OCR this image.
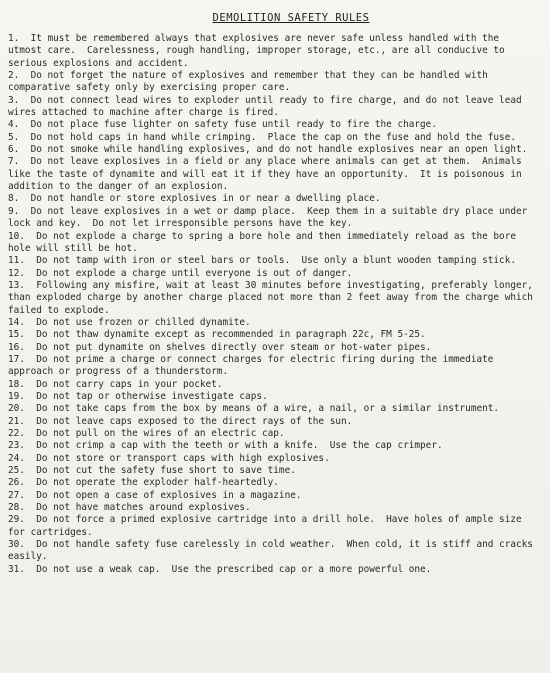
DEMOLITION SAFETY RULES

1.  It must be remembered always that explosives are never safe unless handled with the utmost care.  Carelessness, rough handling, improper storage, etc., are all conducive to serious explosions and accident.

2.  Do not forget the nature of explosives and remember that they can be handled with comparative safety only by exercising proper care.

3.  Do not connect lead wires to exploder until ready to fire charge, and do not leave lead wires attached to machine after charge is fired.

4.  Do not place fuse lighter on safety fuse until ready to fire the charge.

5.  Do not hold caps in hand while crimping.  Place the cap on the fuse and hold the fuse.

6.  Do not smoke while handling explosives, and do not handle explosives near an open light.

7.  Do not leave explosives in a field or any place where animals can get at them.  Animals like the taste of dynamite and will eat it if they have an opportunity.  It is poisonous in addition to the danger of an explosion.

8.  Do not handle or store explosives in or near a dwelling place.

9.  Do not leave explosives in a wet or damp place.  Keep them in a suitable dry place under lock and key.  Do not let irresponsible persons have the key.

10.  Do not explode a charge to spring a bore hole and then immediately reload as the bore hole will still be hot.

11.  Do not tamp with iron or steel bars or tools.  Use only a blunt wooden tamping stick.

12.  Do not explode a charge until everyone is out of danger.

13.  Following any misfire, wait at least 30 minutes before investigating, preferably longer, than exploded charge by another charge placed not more than 2 feet away from the charge which failed to explode.

14.  Do not use frozen or chilled dynamite.

15.  Do not thaw dynamite except as recommended in paragraph 22c, FM 5-25.

16.  Do not put dynamite on shelves directly over steam or hot-water pipes.

17.  Do not prime a charge or connect charges for electric firing during the immediate approach or progress of a thunderstorm.

18.  Do not carry caps in your pocket.

19.  Do not tap or otherwise investigate caps.

20.  Do not take caps from the box by means of a wire, a nail, or a similar instrument.

21.  Do not leave caps exposed to the direct rays of the sun.

22.  Do not pull on the wires of an electric cap.

23.  Do not crimp a cap with the teeth or with a knife.  Use the cap crimper.

24.  Do not store or transport caps with high explosives.

25.  Do not cut the safety fuse short to save time.

26.  Do not operate the exploder half-heartedly.

27.  Do not open a case of explosives in a magazine.

28.  Do not have matches around explosives.

29.  Do not force a primed explosive cartridge into a drill hole.  Have holes of ample size for cartridges.

30.  Do not handle safety fuse carelessly in cold weather.  When cold, it is stiff and cracks easily.

31.  Do not use a weak cap.  Use the prescribed cap or a more powerful one.
